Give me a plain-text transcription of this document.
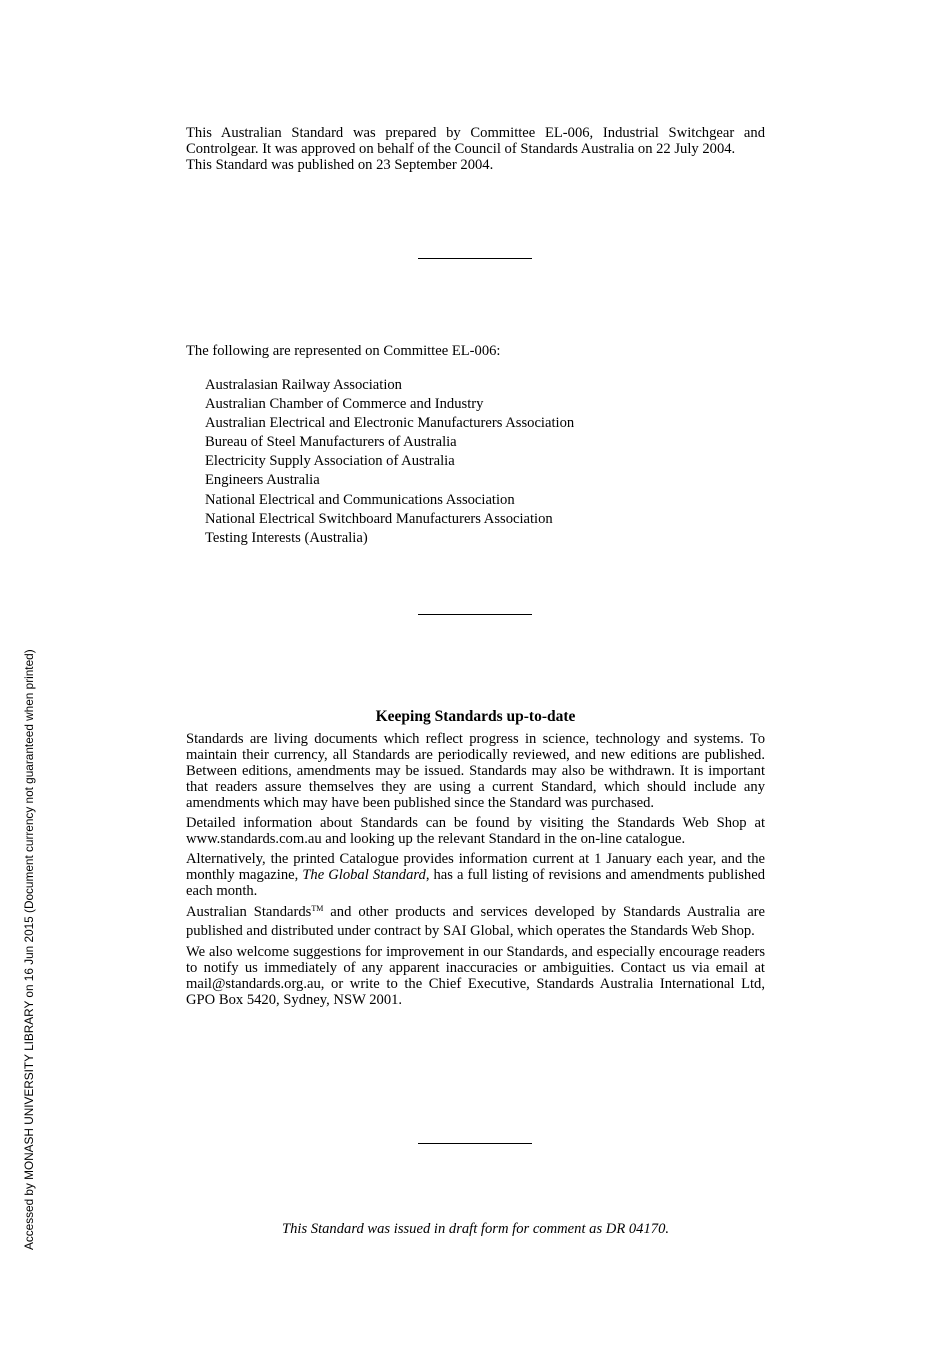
This Australian Standard was prepared by Committee EL-006, Industrial Switchgear and Controlgear. It was approved on behalf of the Council of Standards Australia on 22 July 2004.

This Standard was published on 23 September 2004.

The following are represented on Committee EL-006:

Australasian Railway Association
Australian Chamber of Commerce and Industry
Australian Electrical and Electronic Manufacturers Association
Bureau of Steel Manufacturers of Australia
Electricity Supply Association of Australia
Engineers Australia
National Electrical and Communications Association
National Electrical Switchboard Manufacturers Association
Testing Interests (Australia)
Keeping Standards up-to-date

Standards are living documents which reflect progress in science, technology and systems. To maintain their currency, all Standards are periodically reviewed, and new editions are published. Between editions, amendments may be issued. Standards may also be withdrawn. It is important that readers assure themselves they are using a current Standard, which should include any amendments which may have been published since the Standard was purchased.

Detailed information about Standards can be found by visiting the Standards Web Shop at www.standards.com.au and looking up the relevant Standard in the on-line catalogue.

Alternatively, the printed Catalogue provides information current at 1 January each year, and the monthly magazine, The Global Standard, has a full listing of revisions and amendments published each month.

Australian Standards™ and other products and services developed by Standards Australia are published and distributed under contract by SAI Global, which operates the Standards Web Shop.

We also welcome suggestions for improvement in our Standards, and especially encourage readers to notify us immediately of any apparent inaccuracies or ambiguities. Contact us via email at mail@standards.org.au, or write to the Chief Executive, Standards Australia International Ltd, GPO Box 5420, Sydney, NSW 2001.

This Standard was issued in draft form for comment as DR 04170.

Accessed by MONASH UNIVERSITY LIBRARY on 16 Jun 2015 (Document currency not guaranteed when printed)
